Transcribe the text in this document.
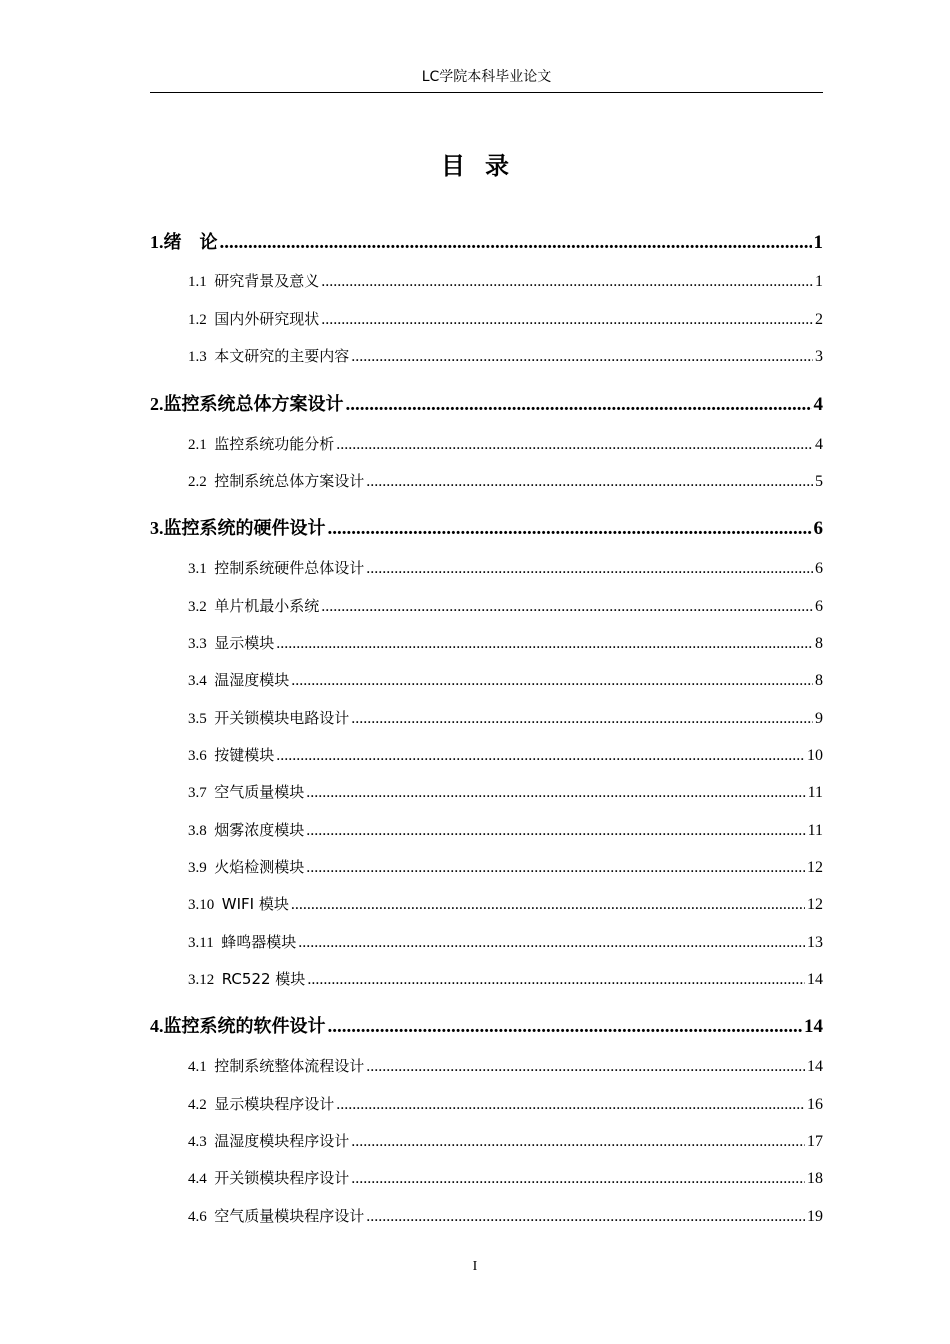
LC学院本科毕业论文
目录
1.绪　论 .....	1
1.1  研究背景及意义 .....	1
1.2  国内外研究现状 .....	2
1.3  本文研究的主要内容 .....	3
2.监控系统总体方案设计 .....	4
2.1  监控系统功能分析 .....	4
2.2  控制系统总体方案设计 .....	5
3.监控系统的硬件设计 .....	6
3.1  控制系统硬件总体设计 .....	6
3.2  单片机最小系统 .....	6
3.3  显示模块 .....	8
3.4  温湿度模块 .....	8
3.5  开关锁模块电路设计 .....	9
3.6  按键模块 .....	10
3.7  空气质量模块 .....	11
3.8  烟雾浓度模块 .....	11
3.9  火焰检测模块 .....	12
3.10  WIFI 模块 .....	12
3.11  蜂鸣器模块 .....	13
3.12  RC522 模块 .....	14
4.监控系统的软件设计 .....	14
4.1  控制系统整体流程设计 .....	14
4.2  显示模块程序设计 .....	16
4.3  温湿度模块程序设计 .....	17
4.4  开关锁模块程序设计 .....	18
4.6  空气质量模块程序设计 .....	19
I
